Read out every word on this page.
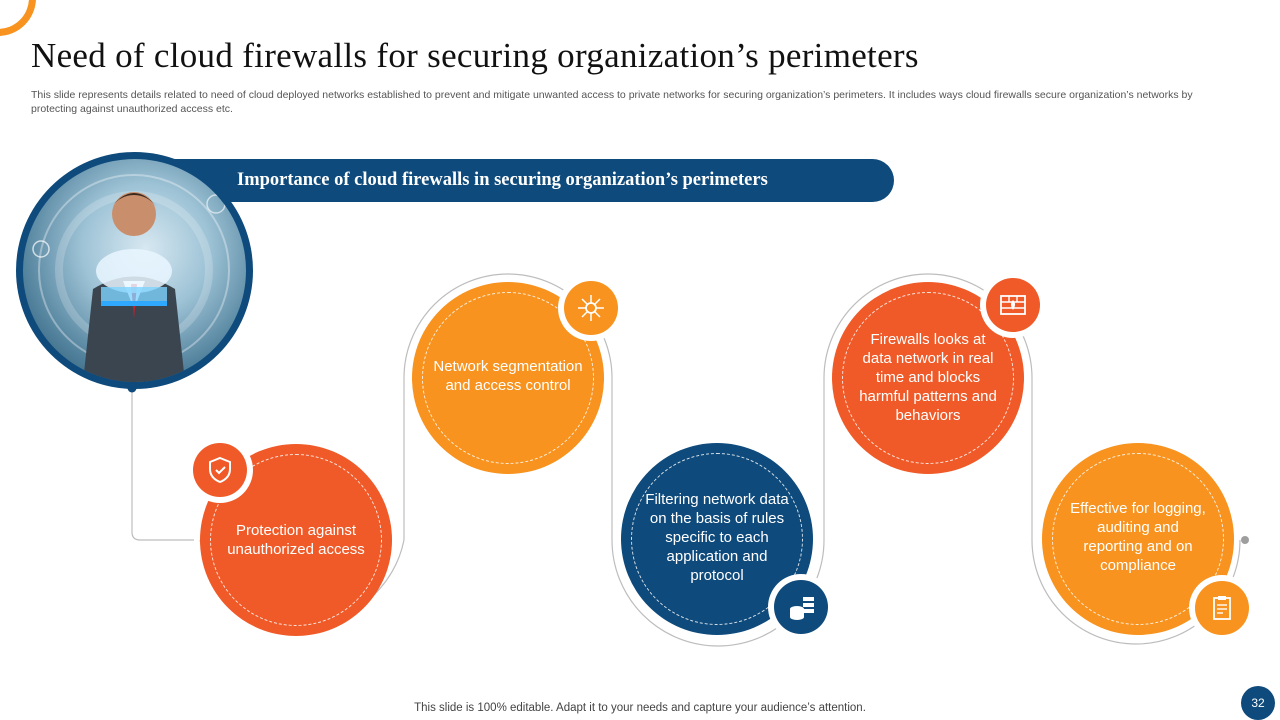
Need of cloud firewalls for securing organization’s perimeters
This slide represents details related to need of cloud deployed networks established to prevent and mitigate unwanted access to private networks for securing organization’s perimeters. It includes ways cloud firewalls secure organization’s networks by protecting against unauthorized access etc.
Importance of cloud firewalls in securing organization’s perimeters
Protection against unauthorized access
Network segmentation and access control
Filtering network data on the basis of rules specific to each application and protocol
Firewalls looks at data network in real time and blocks harmful patterns and behaviors
Effective for logging, auditing and reporting and on compliance
This slide is 100% editable. Adapt it to your needs and capture your audience’s attention.	32
